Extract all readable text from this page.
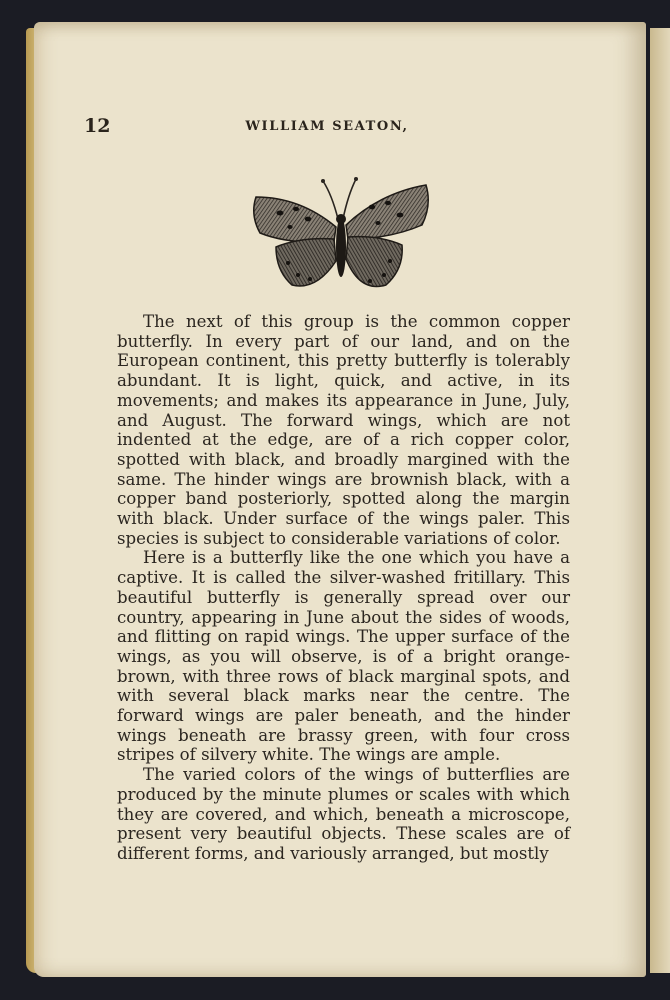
12	WILLIAM SEATON,

The next of this group is the common copper butterfly. In every part of our land, and on the European continent, this pretty butterfly is tolerably abundant. It is light, quick, and active, in its movements; and makes its appearance in June, July, and August. The forward wings, which are not indented at the edge, are of a rich copper color, spotted with black, and broadly margined with the same. The hinder wings are brownish black, with a copper band posteriorly, spotted along the margin with black. Under surface of the wings paler. This species is subject to considerable variations of color.

Here is a butterfly like the one which you have a captive. It is called the silver-washed fritillary. This beautiful butterfly is generally spread over our country, appearing in June about the sides of woods, and flitting on rapid wings. The upper surface of the wings, as you will observe, is of a bright orange-brown, with three rows of black marginal spots, and with several black marks near the centre. The forward wings are paler beneath, and the hinder wings beneath are brassy green, with four cross stripes of silvery white. The wings are ample.

The varied colors of the wings of butterflies are produced by the minute plumes or scales with which they are covered, and which, beneath a microscope, present very beautiful objects. These scales are of different forms, and variously arranged, but mostly
